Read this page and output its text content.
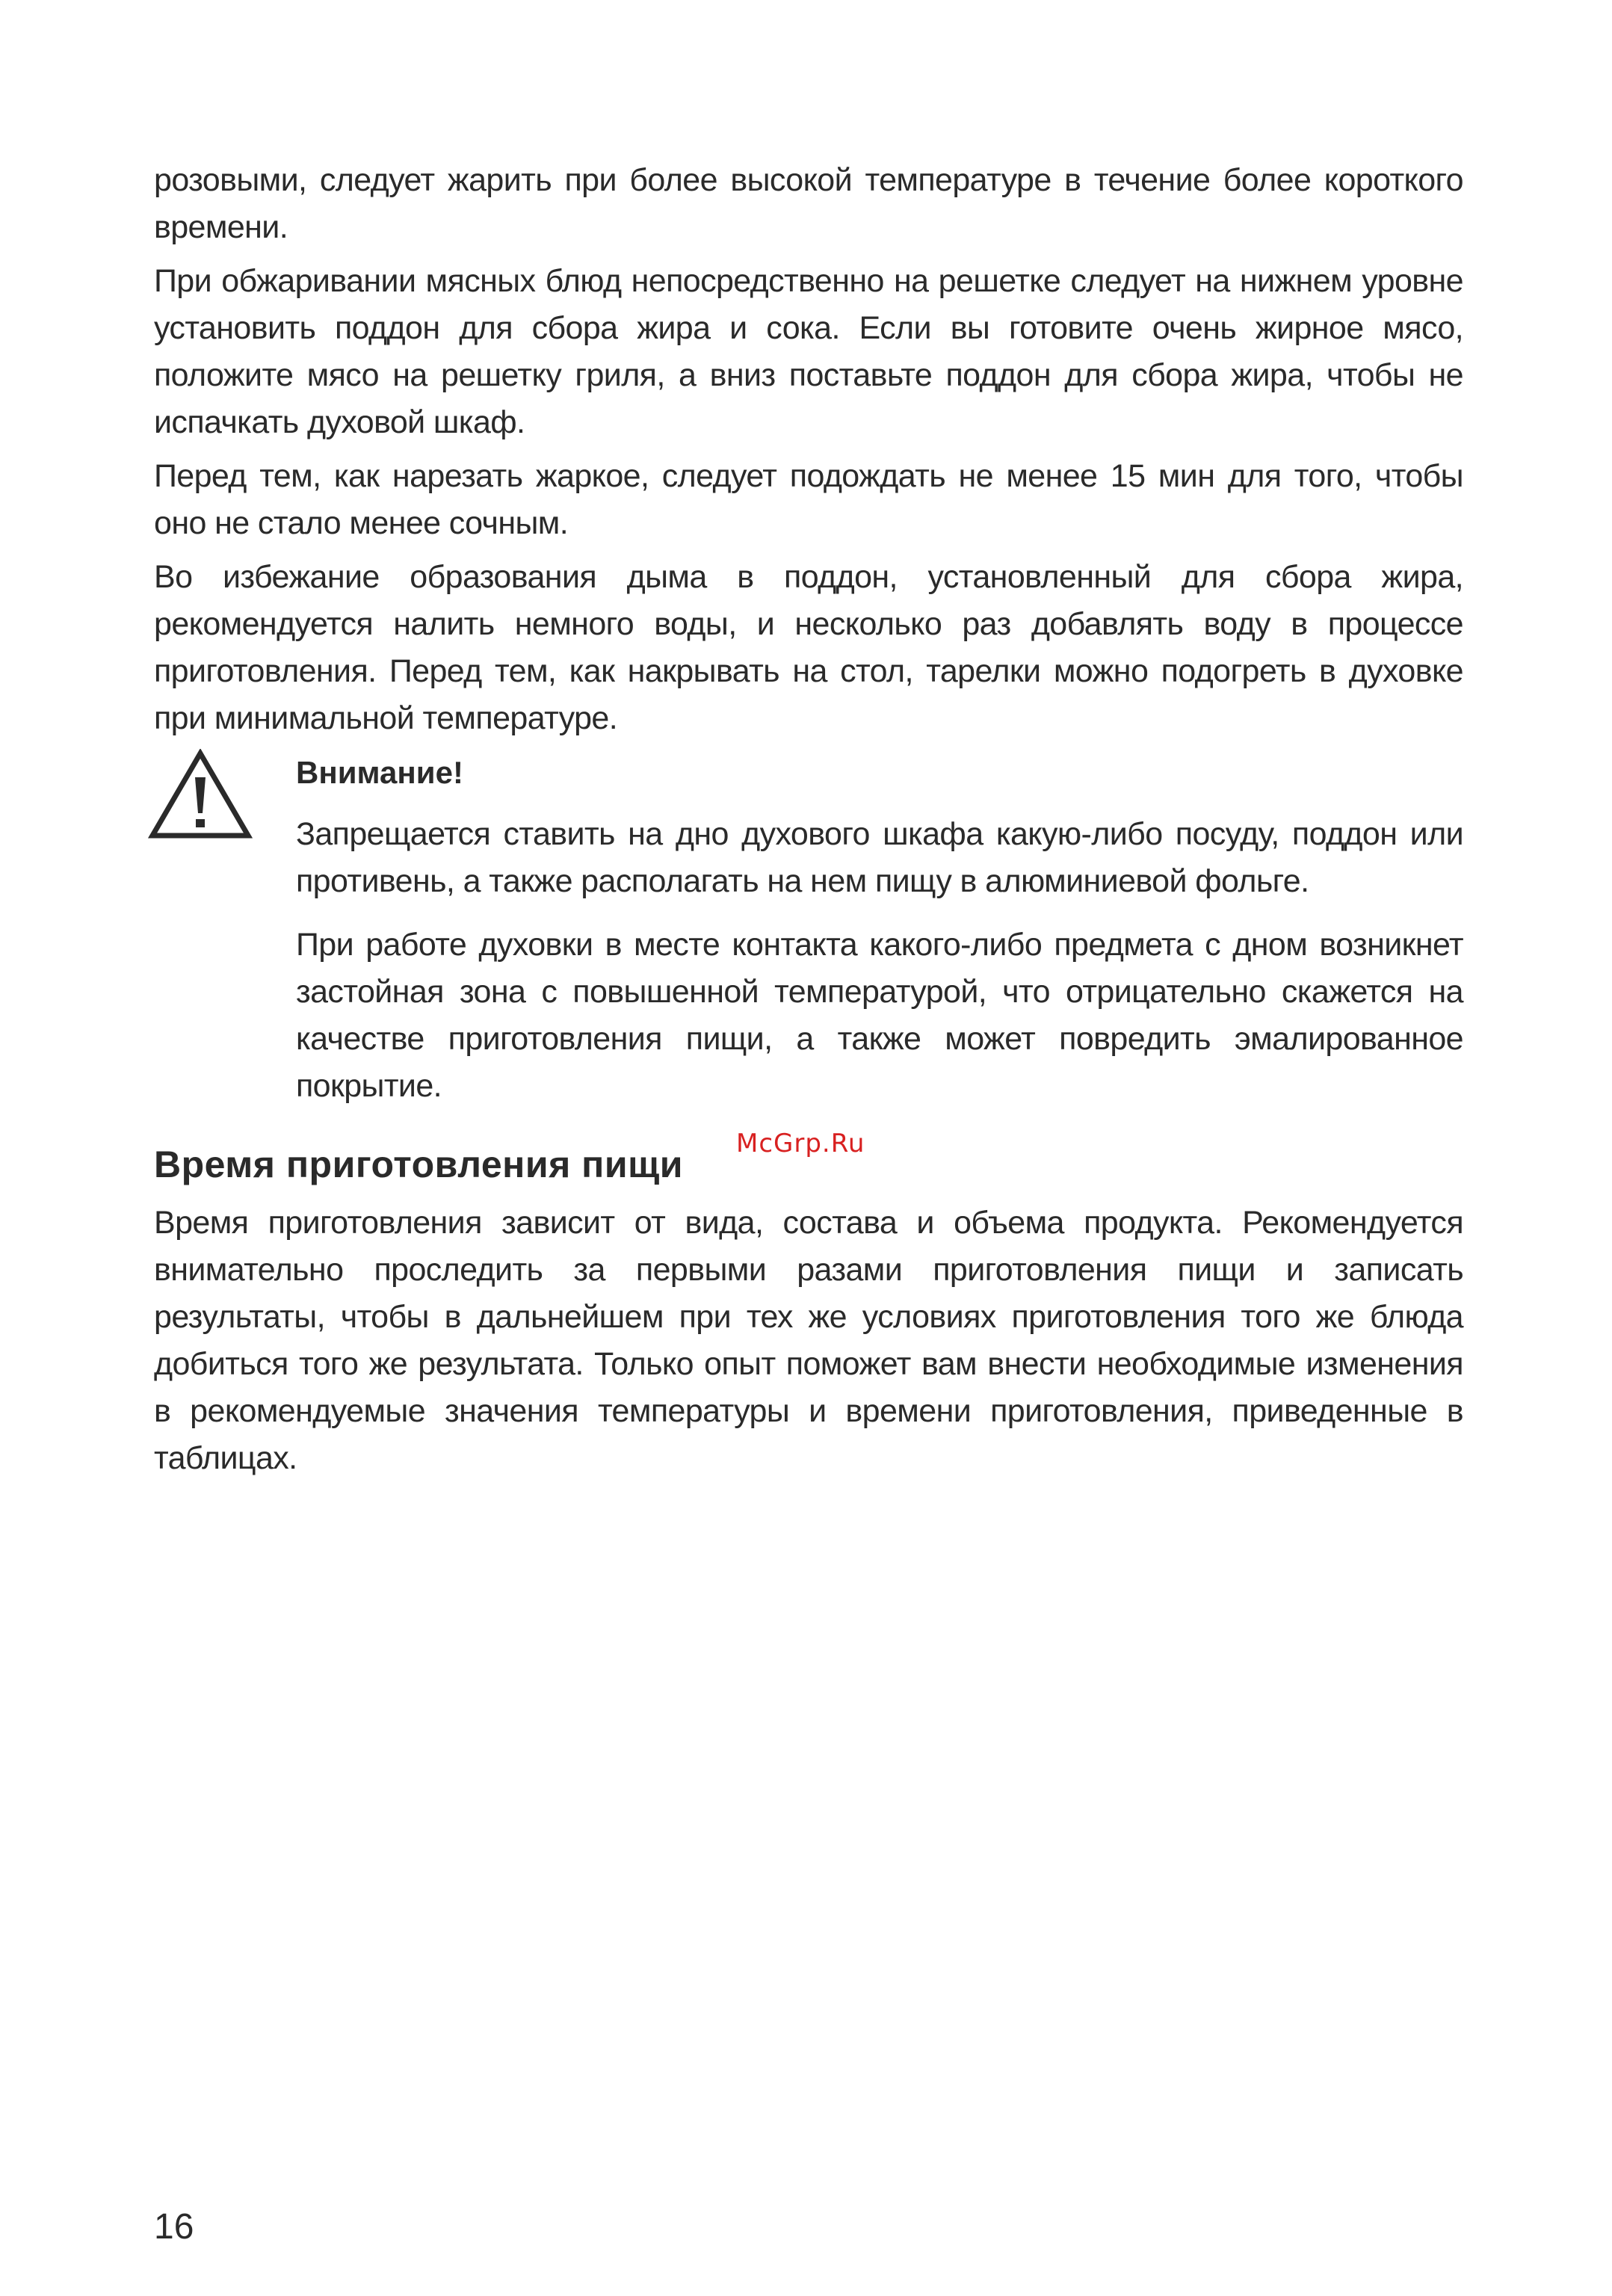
розовыми, следует жарить при более высокой температуре в течение более короткого времени.

При обжаривании мясных блюд непосредственно на решетке следует на нижнем уровне установить поддон для сбора жира и сока. Если вы готовите очень жирное мясо, положите мясо на решетку гриля, а вниз поставьте поддон для сбора жира, чтобы не испачкать духовой шкаф.

Перед тем, как нарезать жаркое, следует подождать не менее 15 мин для того, чтобы оно не стало менее сочным.

Во избежание образования дыма в поддон, установленный для сбора жира, рекомендуется налить немного воды, и несколько раз добавлять воду в процессе приготовления. Перед тем, как накрывать на стол, тарелки можно подогреть в духовке при минимальной температуре.

Внимание!

Запрещается ставить на дно духового шкафа какую-либо посуду, поддон или противень, а также располагать на нем пищу в алюминиевой фольге.

При работе духовки в месте контакта какого-либо предмета с дном возникнет застойная зона с повышенной температурой, что отрицательно скажется на качестве приготовления пищи, а также может повредить эмалированное покрытие.

Время приготовления пищи

Время приготовления зависит от вида, состава и объема продукта. Рекомендуется внимательно проследить за первыми разами приготовления пищи и записать результаты, чтобы в дальнейшем при тех же условиях приготовления того же блюда добиться того же результата. Только опыт поможет вам внести необходимые изменения в рекомендуемые значения температуры и времени приготовления, приведенные в таблицах.

McGrp.Ru
16
